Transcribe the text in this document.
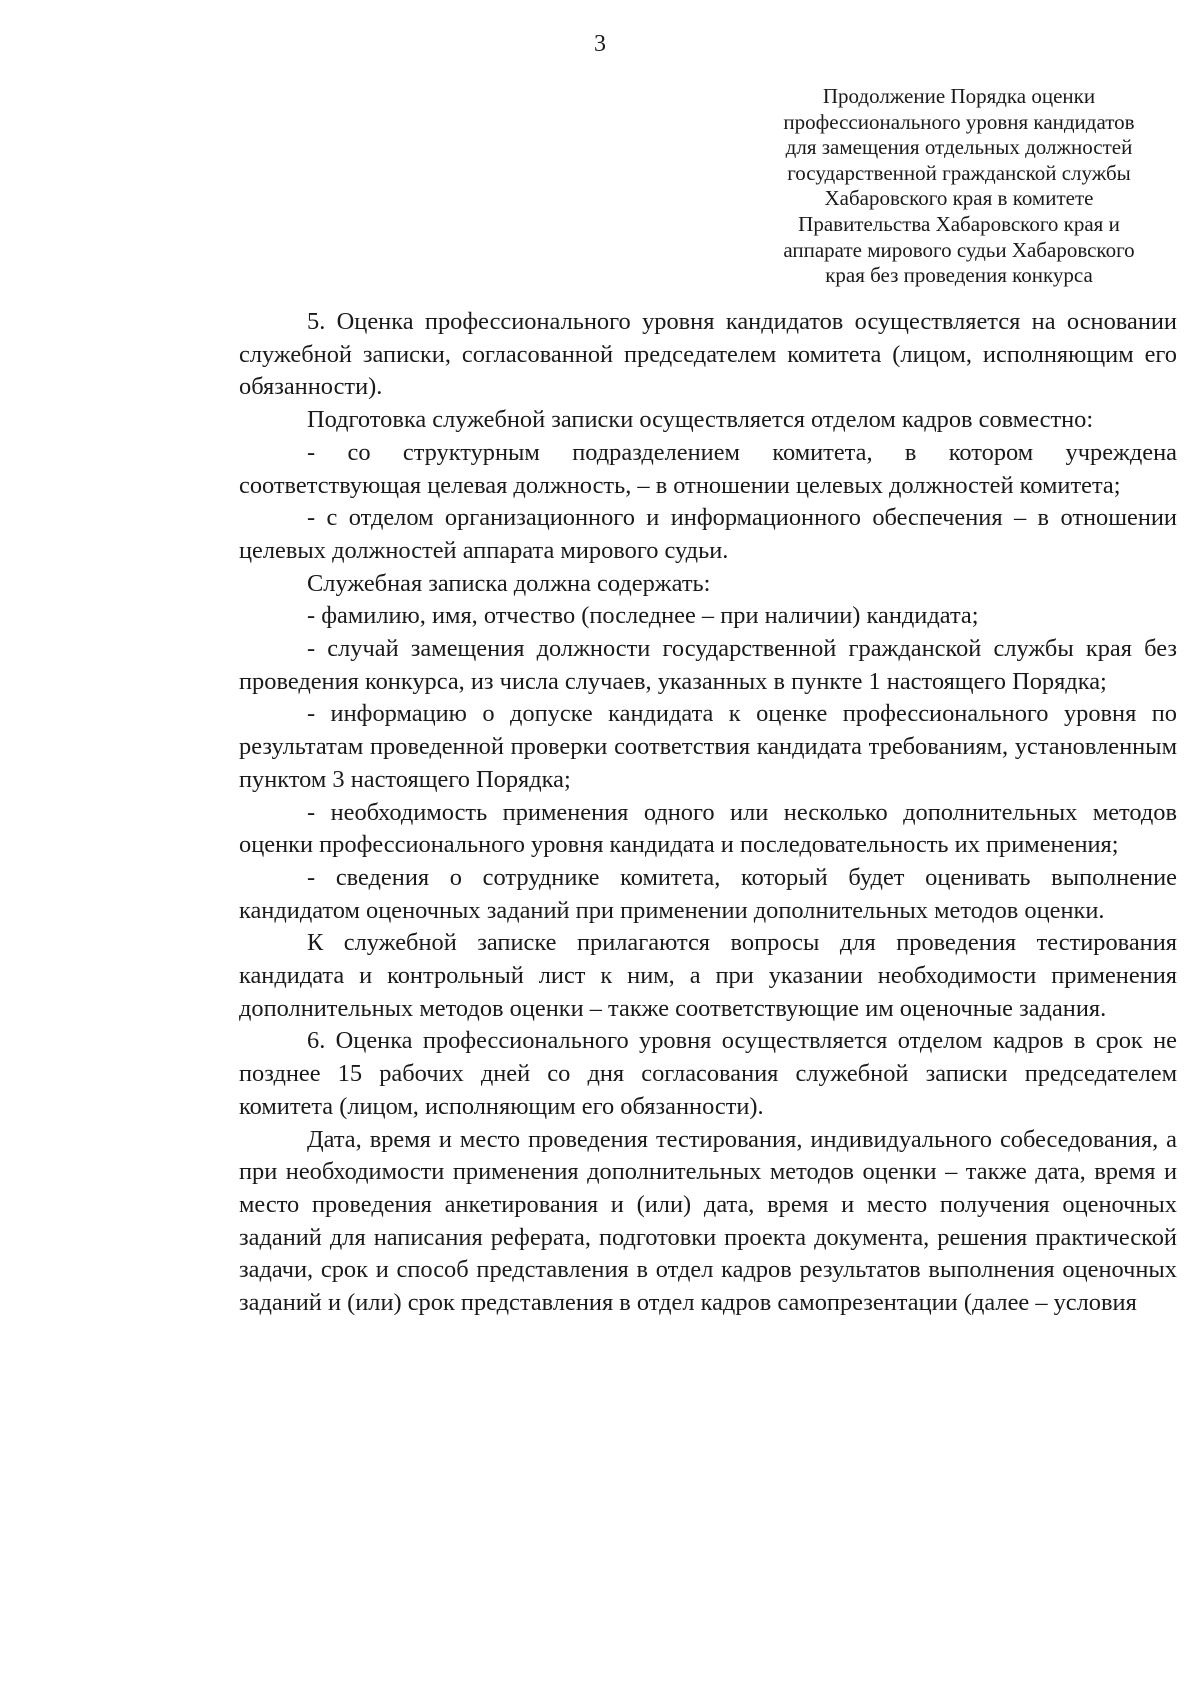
3
Продолжение Порядка оценки
профессионального уровня кандидатов
для замещения отдельных должностей
государственной гражданской службы
Хабаровского края в комитете
Правительства Хабаровского края и
аппарате мирового судьи Хабаровского
края без проведения конкурса

5. Оценка профессионального уровня кандидатов осуществляется на основании служебной записки, согласованной председателем комитета (лицом, исполняющим его обязанности).

Подготовка служебной записки осуществляется отделом кадров совместно:

- со структурным подразделением комитета, в котором учреждена соответствующая целевая должность, – в отношении целевых должностей комитета;

- с отделом организационного и информационного обеспечения – в отношении целевых должностей аппарата мирового судьи.

Служебная записка должна содержать:

- фамилию, имя, отчество (последнее – при наличии) кандидата;

- случай замещения должности государственной гражданской службы края без проведения конкурса, из числа случаев, указанных в пункте 1 настоящего Порядка;

- информацию о допуске кандидата к оценке профессионального уровня по результатам проведенной проверки соответствия кандидата требованиям, установленным пунктом 3 настоящего Порядка;

- необходимость применения одного или несколько дополнительных методов оценки профессионального уровня кандидата и последовательность их применения;

- сведения о сотруднике комитета, который будет оценивать выполнение кандидатом оценочных заданий при применении дополнительных методов оценки.

К служебной записке прилагаются вопросы для проведения тестирования кандидата и контрольный лист к ним, а при указании необходимости применения дополнительных методов оценки – также соответствующие им оценочные задания.

6. Оценка профессионального уровня осуществляется отделом кадров в срок не позднее 15 рабочих дней со дня согласования служебной записки председателем комитета (лицом, исполняющим его обязанности).

Дата, время и место проведения тестирования, индивидуального собеседования, а при необходимости применения дополнительных методов оценки – также дата, время и место проведения анкетирования и (или) дата, время и место получения оценочных заданий для написания реферата, подготовки проекта документа, решения практической задачи, срок и способ представления в отдел кадров результатов выполнения оценочных заданий и (или) срок представления в отдел кадров самопрезентации (далее – условия
